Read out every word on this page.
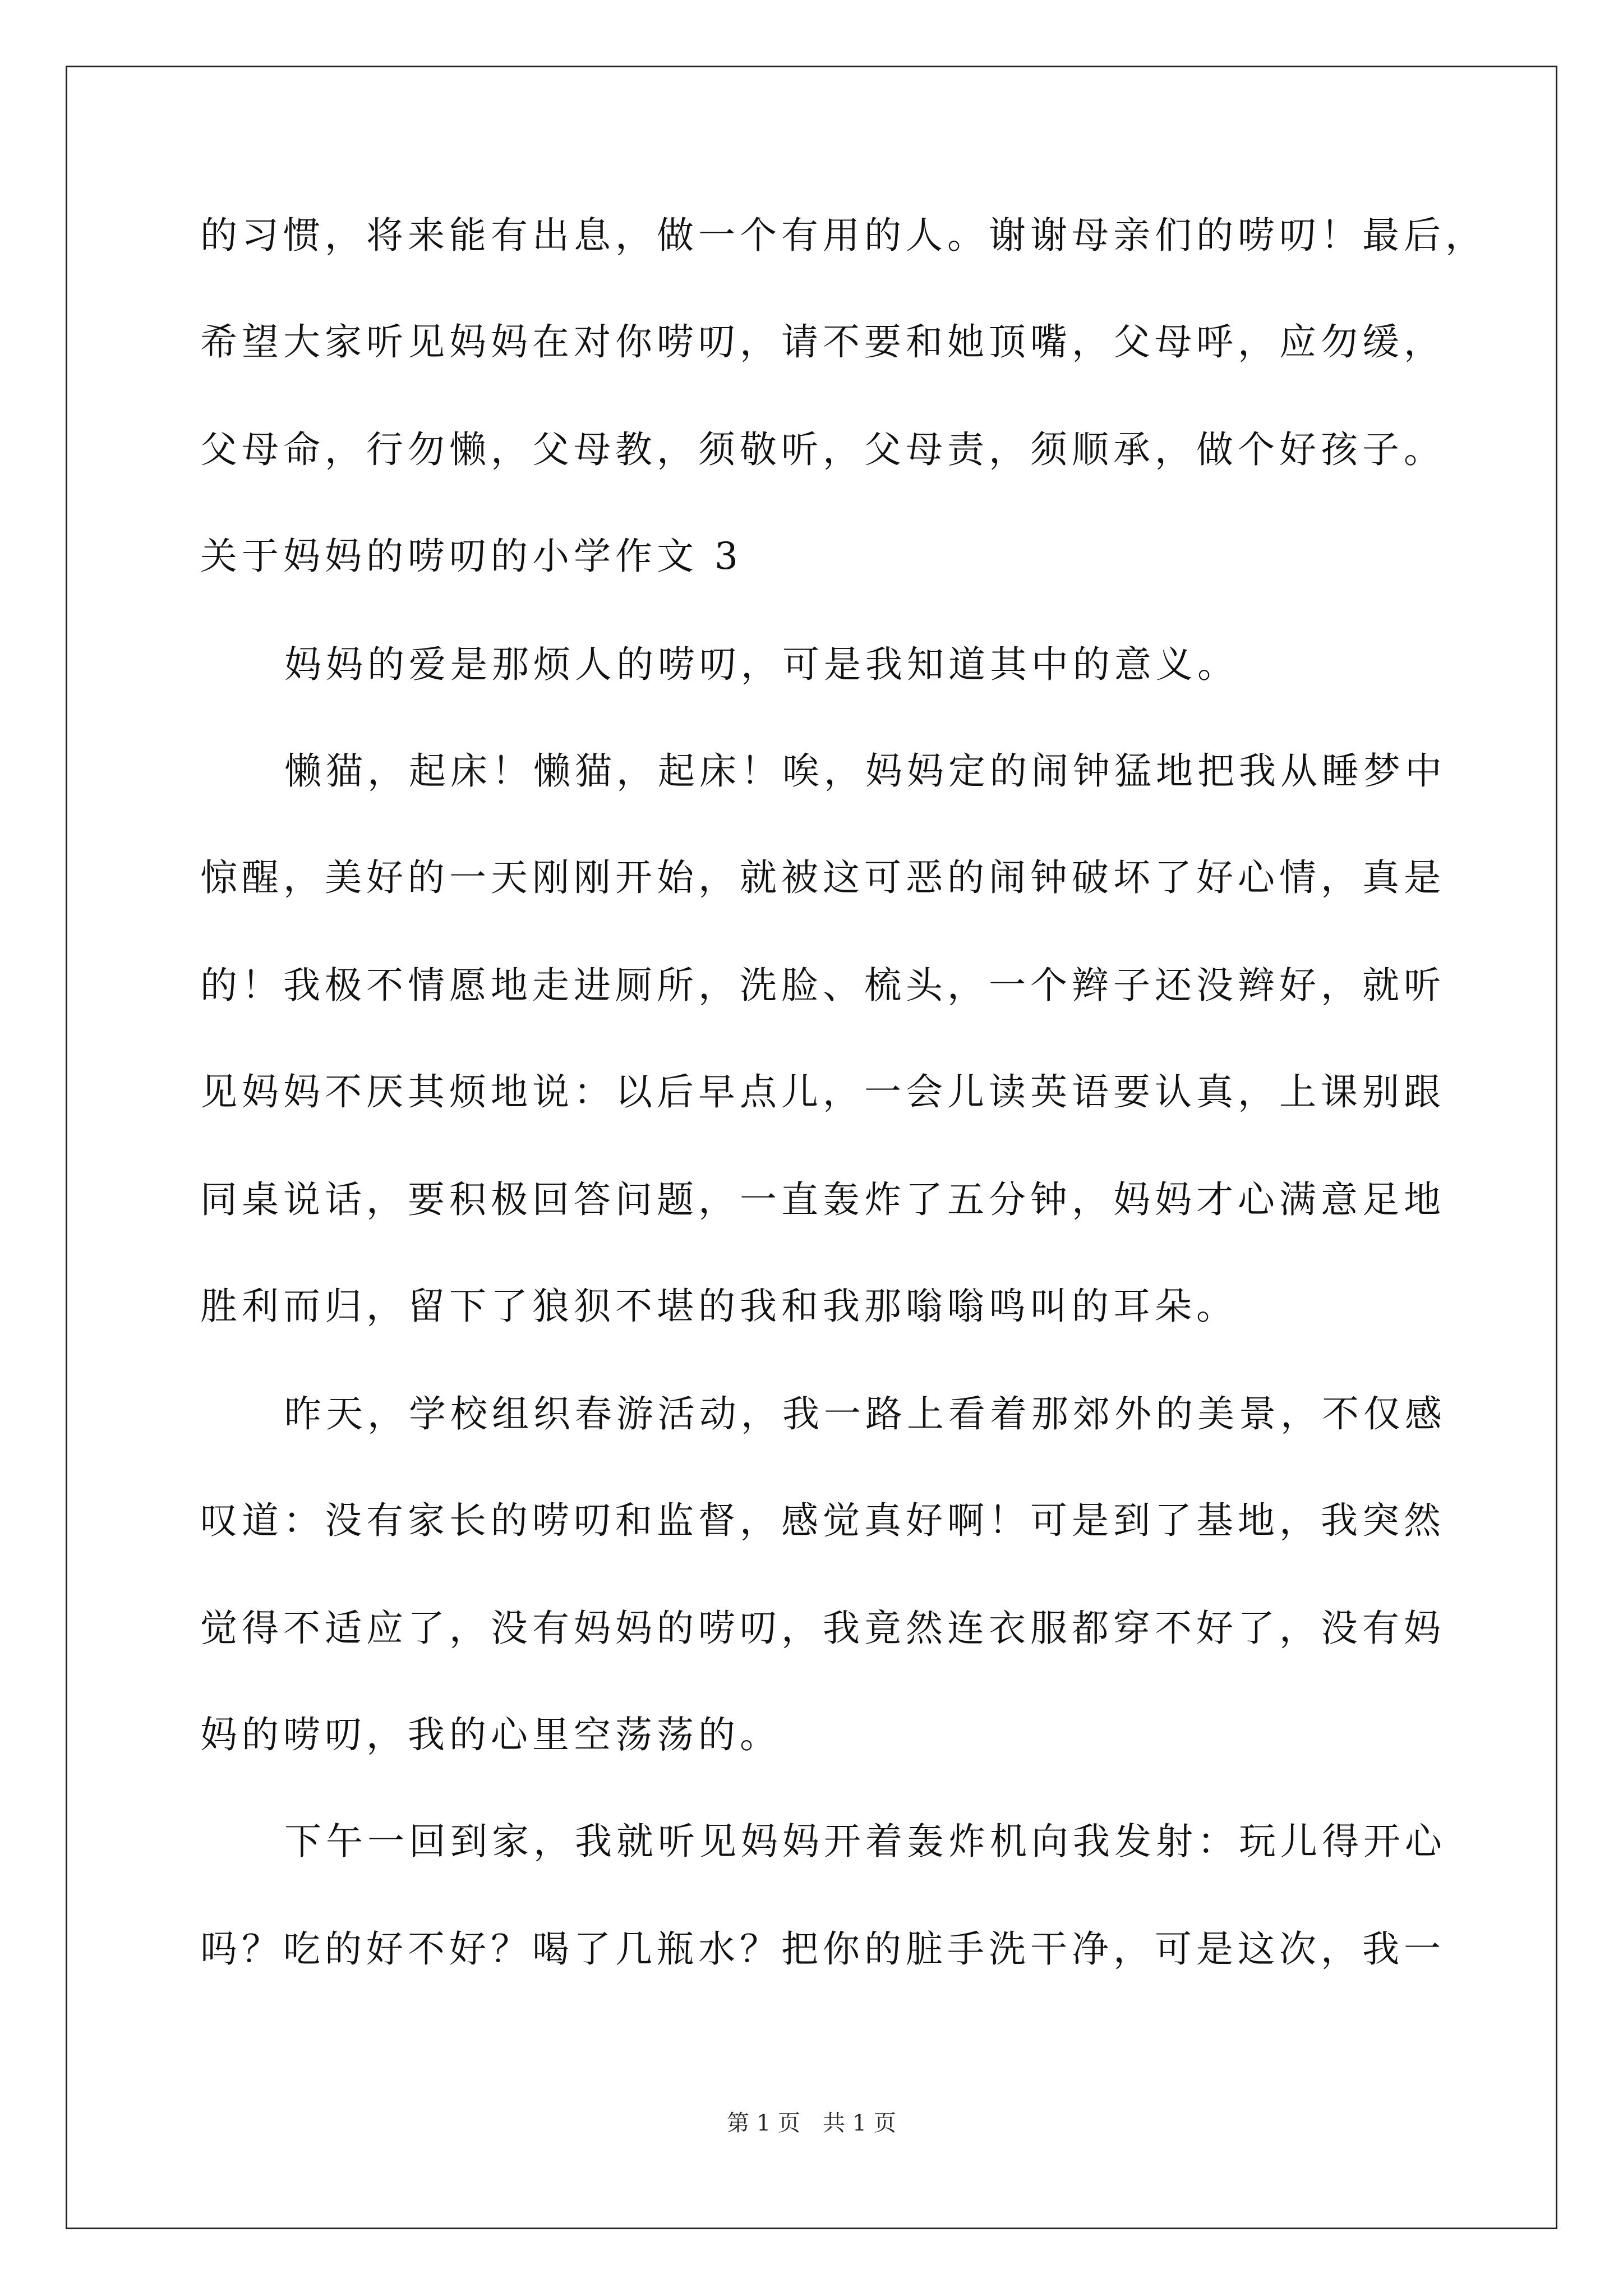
的习惯，将来能有出息，做一个有用的人。谢谢母亲们的唠叨！最后，
希望大家听见妈妈在对你唠叨，请不要和她顶嘴，父母呼，应勿缓，
父母命，行勿懒，父母教，须敬听，父母责，须顺承，做个好孩子。
关于妈妈的唠叨的小学作文 3
妈妈的爱是那烦人的唠叨，可是我知道其中的意义。
懒猫，起床！懒猫，起床！唉，妈妈定的闹钟猛地把我从睡梦中
惊醒，美好的一天刚刚开始，就被这可恶的闹钟破坏了好心情，真是
的！我极不情愿地走进厕所，洗脸、梳头，一个辫子还没辫好，就听
见妈妈不厌其烦地说：以后早点儿，一会儿读英语要认真，上课别跟
同桌说话，要积极回答问题，一直轰炸了五分钟，妈妈才心满意足地
胜利而归，留下了狼狈不堪的我和我那嗡嗡鸣叫的耳朵。
昨天，学校组织春游活动，我一路上看着那郊外的美景，不仅感
叹道：没有家长的唠叨和监督，感觉真好啊！可是到了基地，我突然
觉得不适应了，没有妈妈的唠叨，我竟然连衣服都穿不好了，没有妈
妈的唠叨，我的心里空荡荡的。
下午一回到家，我就听见妈妈开着轰炸机向我发射：玩儿得开心
吗？吃的好不好？喝了几瓶水？把你的脏手洗干净，可是这次，我一
第 1 页　共 1 页
